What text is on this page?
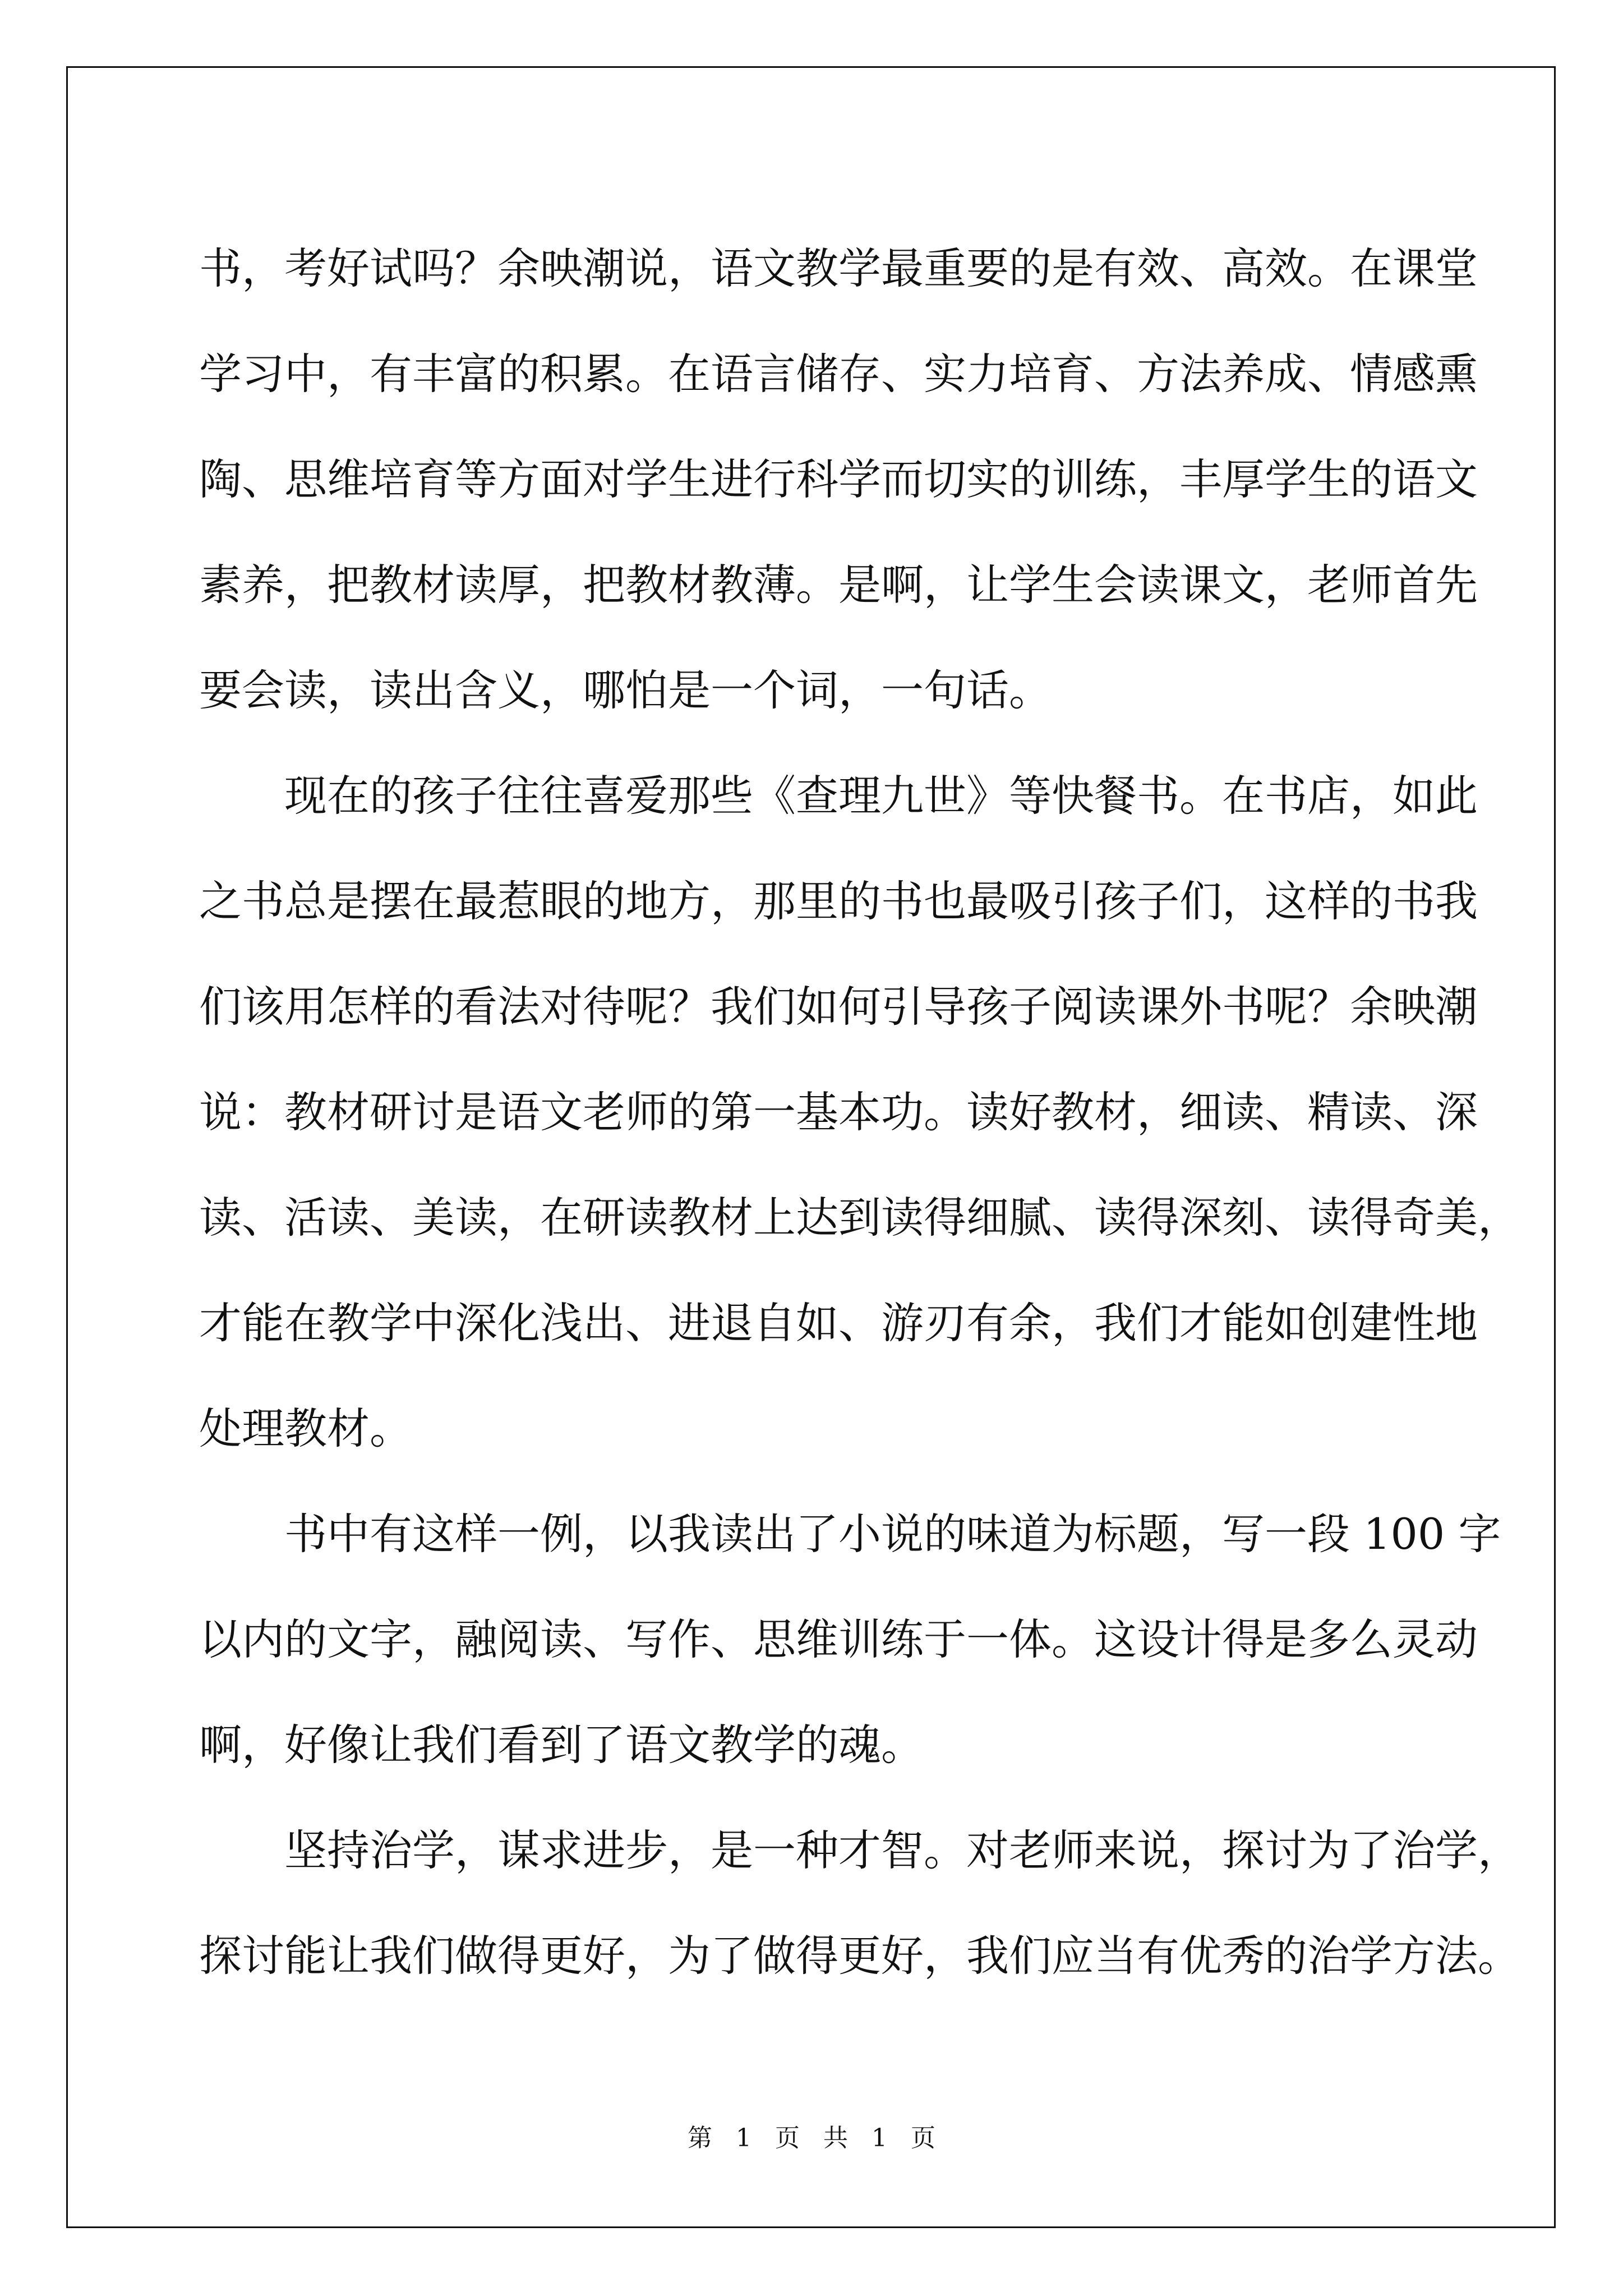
书，考好试吗？余映潮说，语文教学最重要的是有效、高效。在课堂
学习中，有丰富的积累。在语言储存、实力培育、方法养成、情感熏
陶、思维培育等方面对学生进行科学而切实的训练，丰厚学生的语文
素养，把教材读厚，把教材教薄。是啊，让学生会读课文，老师首先
要会读，读出含义，哪怕是一个词，一句话。
现在的孩子往往喜爱那些《查理九世》等快餐书。在书店，如此
之书总是摆在最惹眼的地方，那里的书也最吸引孩子们，这样的书我
们该用怎样的看法对待呢？我们如何引导孩子阅读课外书呢？余映潮
说：教材研讨是语文老师的第一基本功。读好教材，细读、精读、深
读、活读、美读，在研读教材上达到读得细腻、读得深刻、读得奇美，
才能在教学中深化浅出、进退自如、游刃有余，我们才能如创建性地
处理教材。
书中有这样一例，以我读出了小说的味道为标题，写一段 100 字
以内的文字，融阅读、写作、思维训练于一体。这设计得是多么灵动
啊，好像让我们看到了语文教学的魂。
坚持治学，谋求进步，是一种才智。对老师来说，探讨为了治学，
探讨能让我们做得更好，为了做得更好，我们应当有优秀的治学方法。
第 1 页 共 1 页
